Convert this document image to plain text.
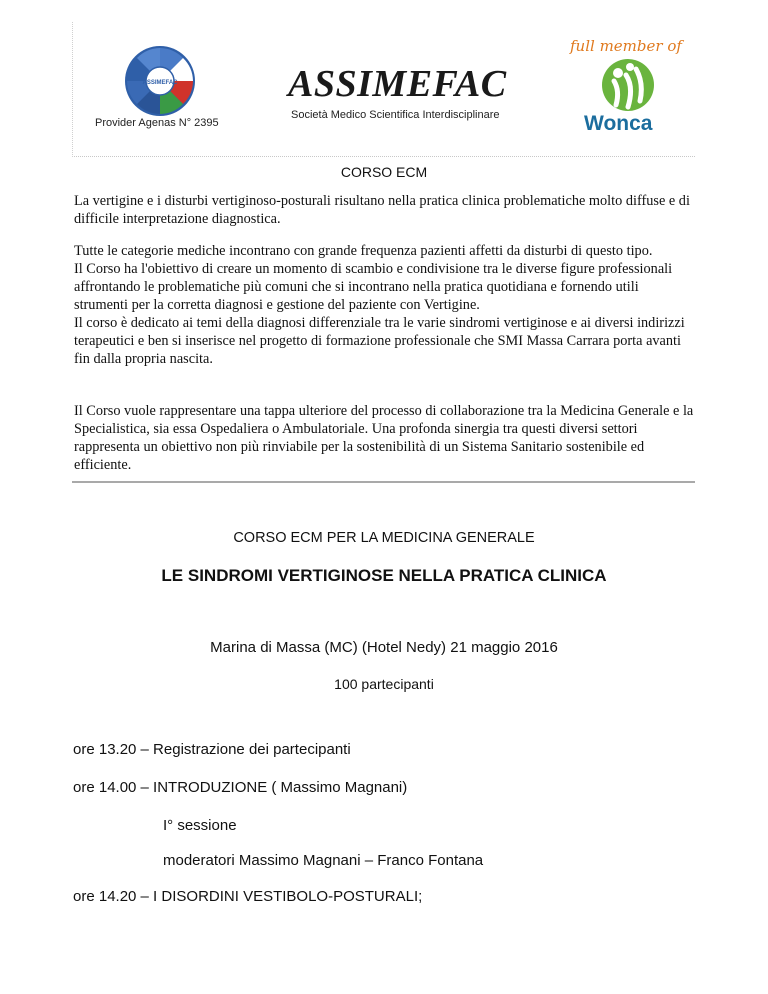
ASSIMEFAC
Provider Agenas N° 2395
ASSIMEFAC
Società Medico Scientifica Interdisciplinare
full member of
Wonca
CORSO ECM
La vertigine e i disturbi vertiginoso-posturali risultano nella pratica clinica problematiche molto diffuse e di difficile interpretazione diagnostica.
Tutte le categorie mediche incontrano con grande frequenza pazienti affetti da disturbi di questo tipo.
Il Corso ha l'obiettivo di creare un momento di scambio e condivisione tra le diverse figure professionali affrontando le problematiche più comuni che si incontrano nella pratica quotidiana e fornendo utili strumenti per la corretta diagnosi e gestione del paziente con Vertigine.
Il corso è dedicato ai temi della diagnosi differenziale tra le varie sindromi vertiginose e ai diversi indirizzi terapeutici e ben si inserisce nel progetto di formazione professionale che SMI Massa Carrara porta avanti fin dalla propria nascita.
Il Corso vuole rappresentare una tappa ulteriore del processo di collaborazione tra la Medicina Generale e la Specialistica, sia essa Ospedaliera o Ambulatoriale. Una profonda sinergia tra questi diversi settori rappresenta un obiettivo non più rinviabile per la sostenibilità di un Sistema Sanitario sostenibile ed efficiente.
CORSO ECM PER LA MEDICINA GENERALE
LE SINDROMI VERTIGINOSE NELLA PRATICA CLINICA
Marina di Massa (MC) (Hotel Nedy) 21 maggio 2016
100 partecipanti
ore 13.20 – Registrazione dei partecipanti
ore 14.00 – INTRODUZIONE ( Massimo Magnani)
I° sessione
moderatori Massimo Magnani – Franco Fontana
ore 14.20 – I DISORDINI VESTIBOLO-POSTURALI;
